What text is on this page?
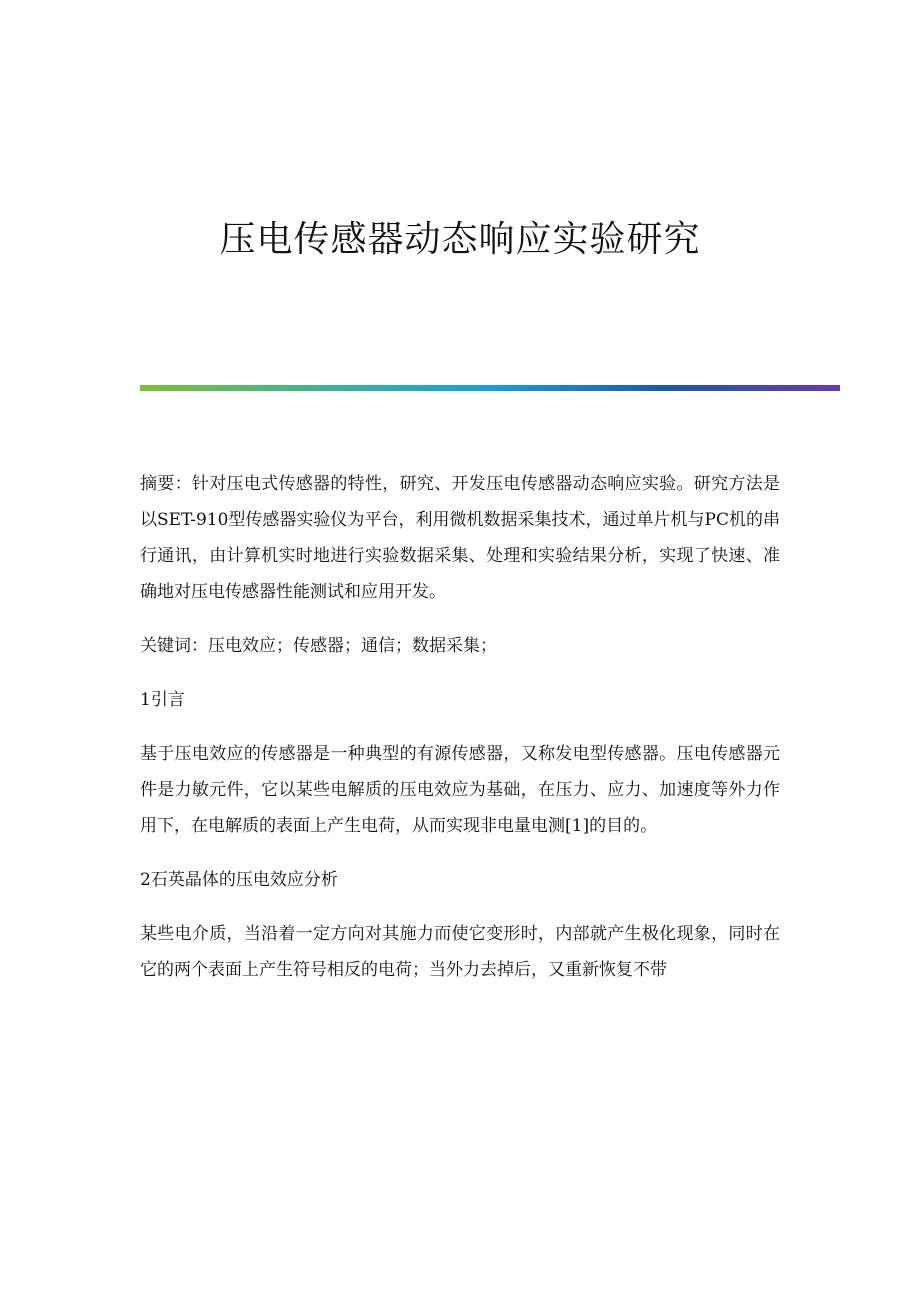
压电传感器动态响应实验研究

摘要：针对压电式传感器的特性，研究、开发压电传感器动态响应实验。研究方法是以SET-910型传感器实验仪为平台，利用微机数据采集技术，通过单片机与PC机的串行通讯，由计算机实时地进行实验数据采集、处理和实验结果分析，实现了快速、准确地对压电传感器性能测试和应用开发。

关键词：压电效应；传感器；通信；数据采集；

1引言

基于压电效应的传感器是一种典型的有源传感器，又称发电型传感器。压电传感器元件是力敏元件，它以某些电解质的压电效应为基础，在压力、应力、加速度等外力作用下，在电解质的表面上产生电荷，从而实现非电量电测[1]的目的。

2石英晶体的压电效应分析

某些电介质，当沿着一定方向对其施力而使它变形时，内部就产生极化现象，同时在它的两个表面上产生符号相反的电荷；当外力去掉后，又重新恢复不带
